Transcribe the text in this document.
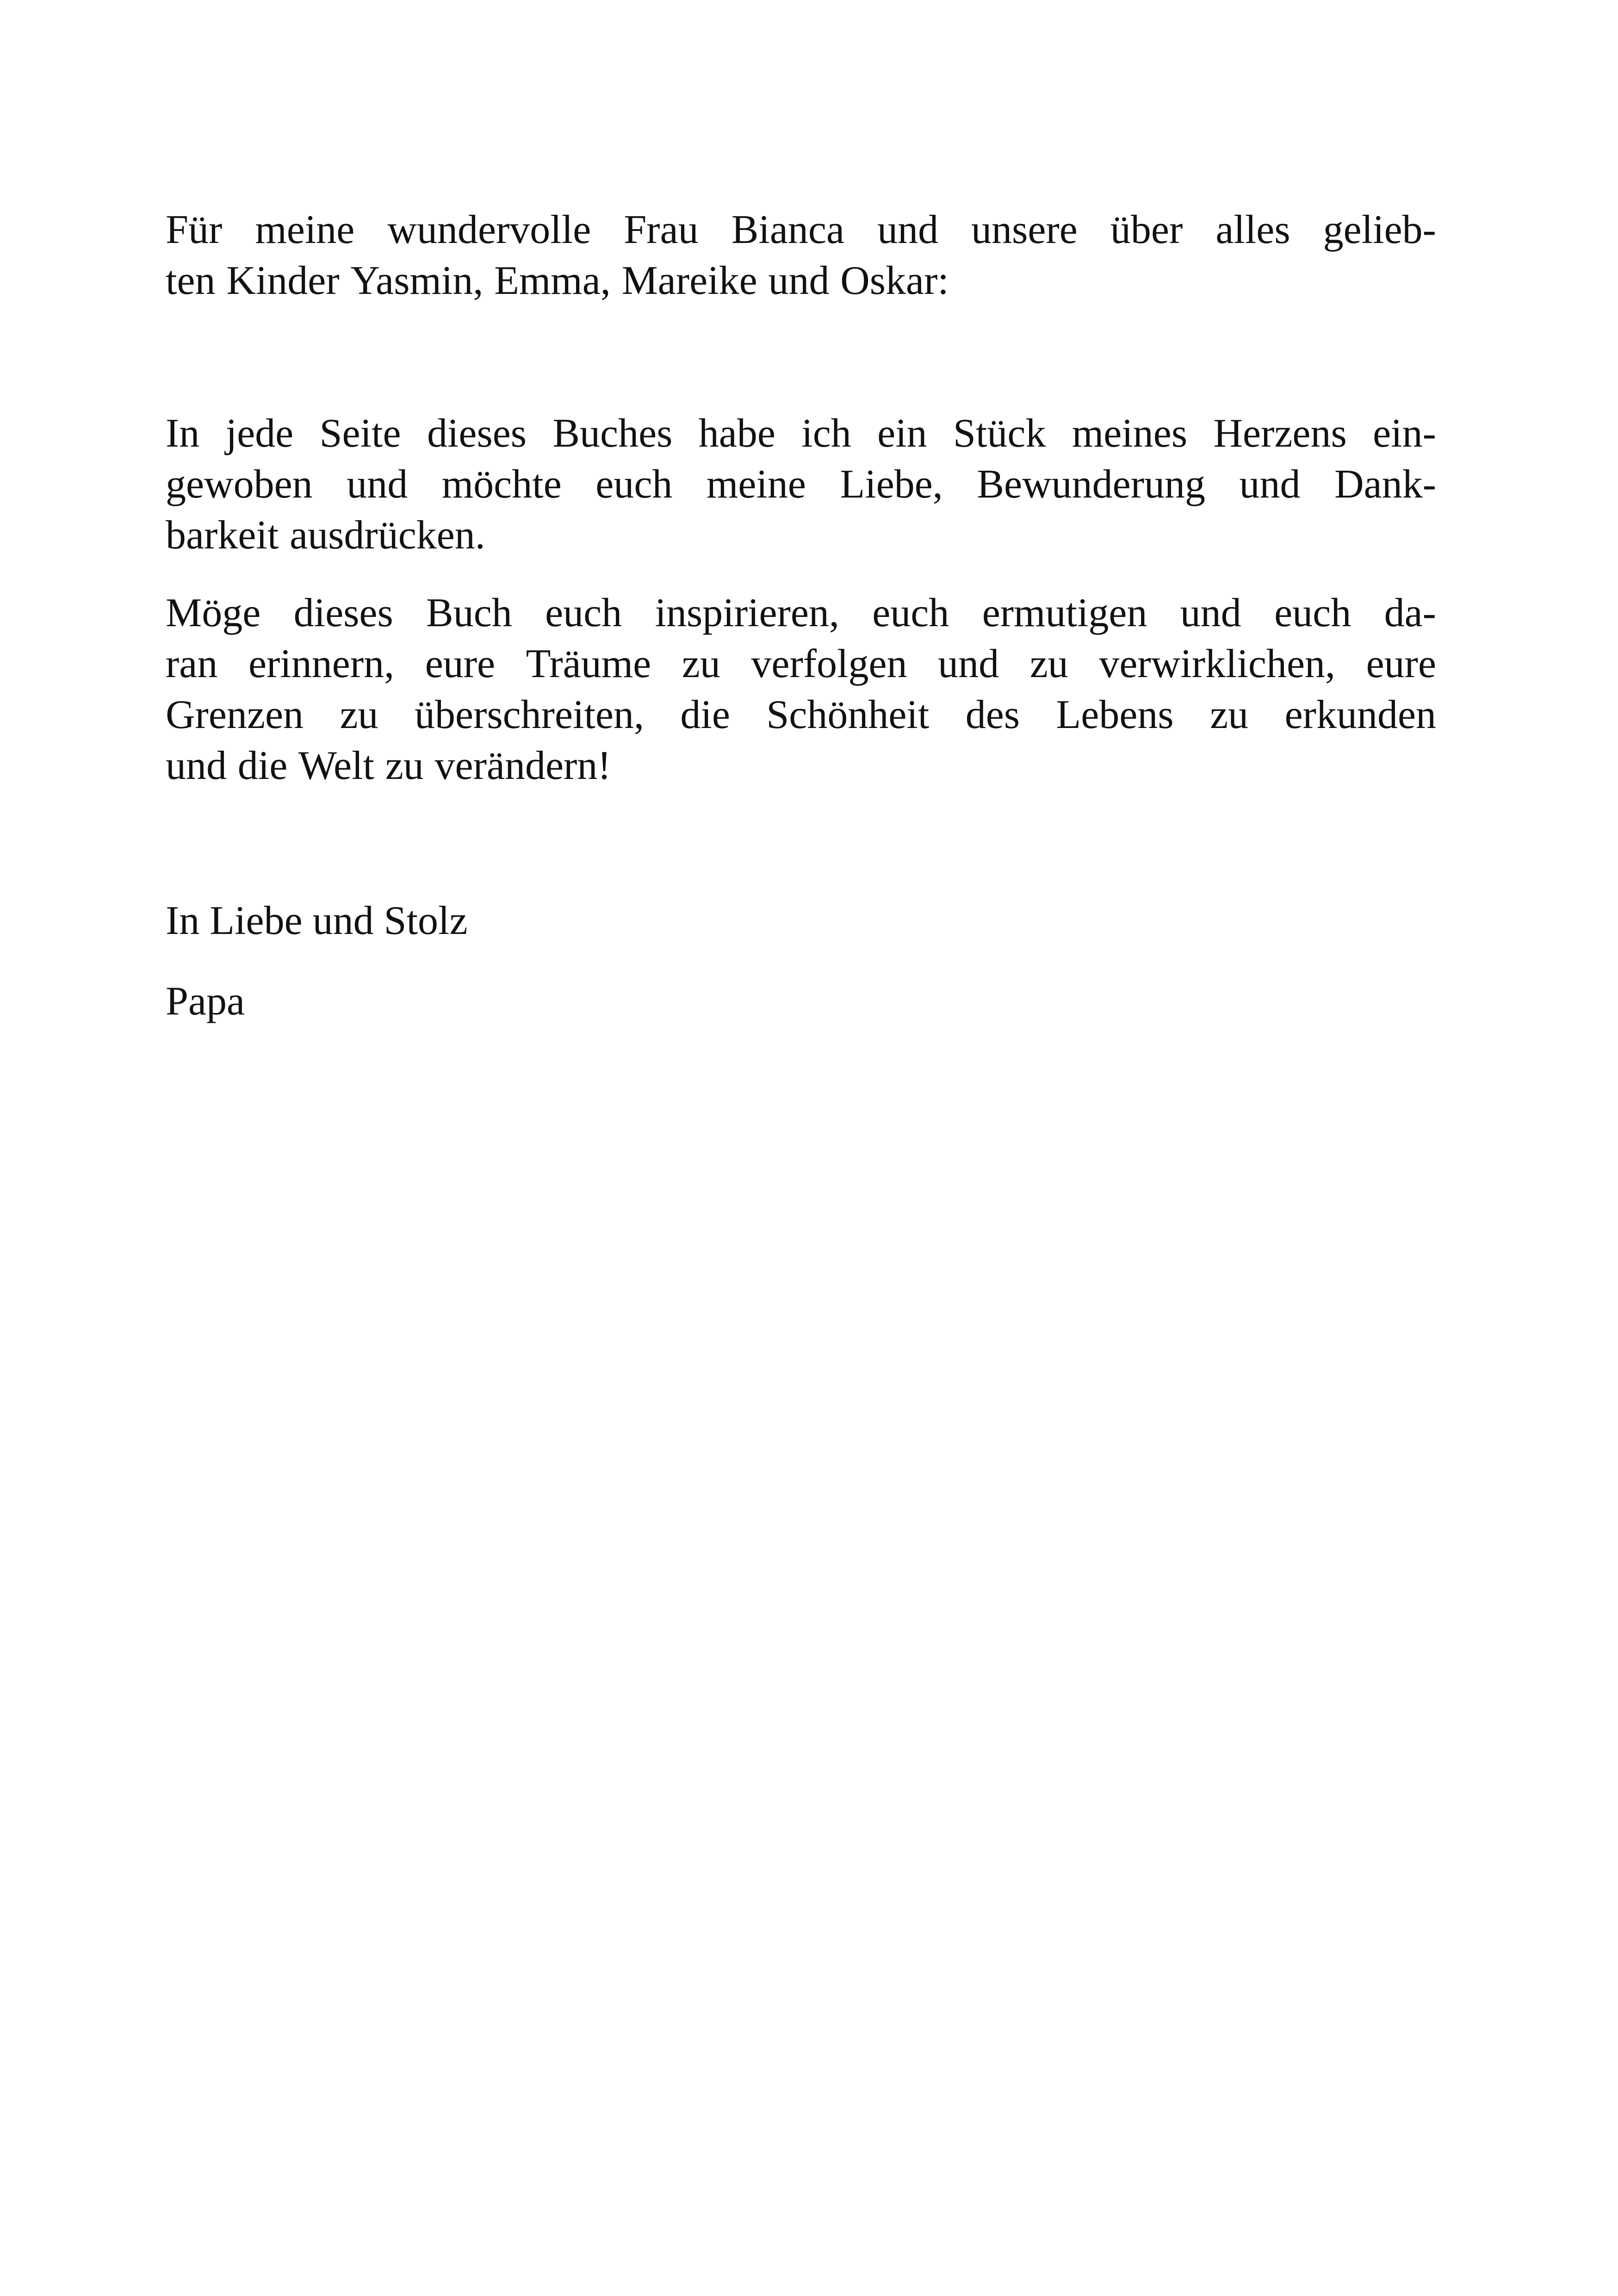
Für meine wundervolle Frau Bianca und unsere über alles gelieb-
ten Kinder Yasmin, Emma, Mareike und Oskar:
In jede Seite dieses Buches habe ich ein Stück meines Herzens ein-
gewoben und möchte euch meine Liebe, Bewunderung und Dank-
barkeit ausdrücken.
Möge dieses Buch euch inspirieren, euch ermutigen und euch da-
ran erinnern, eure Träume zu verfolgen und zu verwirklichen, eure
Grenzen zu überschreiten, die Schönheit des Lebens zu erkunden
und die Welt zu verändern!
In Liebe und Stolz
Papa
